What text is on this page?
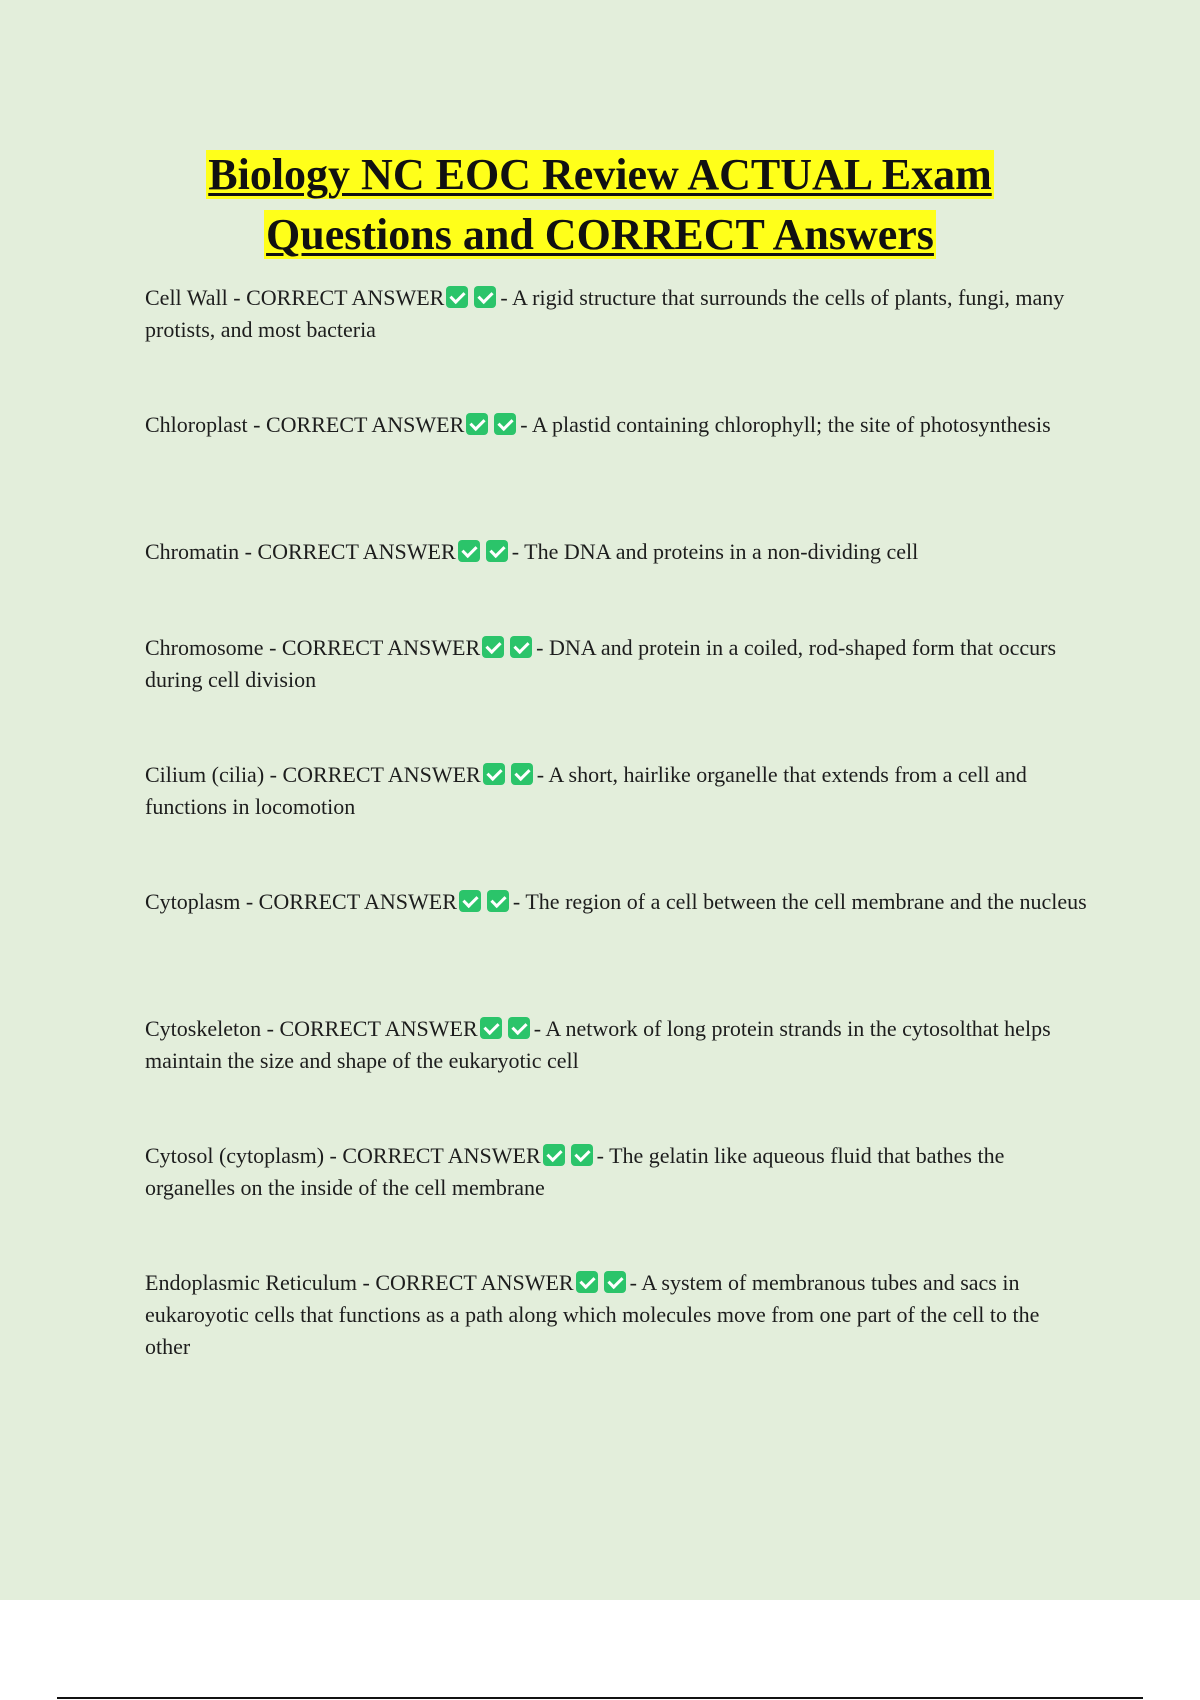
Biology NC EOC Review ACTUAL Exam
Questions and CORRECT Answers
Cell Wall - CORRECT ANSWER	- A rigid structure that surrounds the cells of plants, fungi, many protists, and most bacteria
Chloroplast - CORRECT ANSWER	- A plastid containing chlorophyll; the site of photosynthesis
Chromatin - CORRECT ANSWER	- The DNA and proteins in a non-dividing cell
Chromosome - CORRECT ANSWER	- DNA and protein in a coiled, rod-shaped form that occurs during cell division
Cilium (cilia) - CORRECT ANSWER	- A short, hairlike organelle that extends from a cell and functions in locomotion
Cytoplasm - CORRECT ANSWER	- The region of a cell between the cell membrane and the nucleus
Cytoskeleton - CORRECT ANSWER	- A network of long protein strands in the cytosolthat helps maintain the size and shape of the eukaryotic cell
Cytosol (cytoplasm) - CORRECT ANSWER	- The gelatin like aqueous fluid that bathes the organelles on the inside of the cell membrane
Endoplasmic Reticulum - CORRECT ANSWER	- A system of membranous tubes and sacs in eukaroyotic cells that functions as a path along which molecules move from one part of the cell to the other
